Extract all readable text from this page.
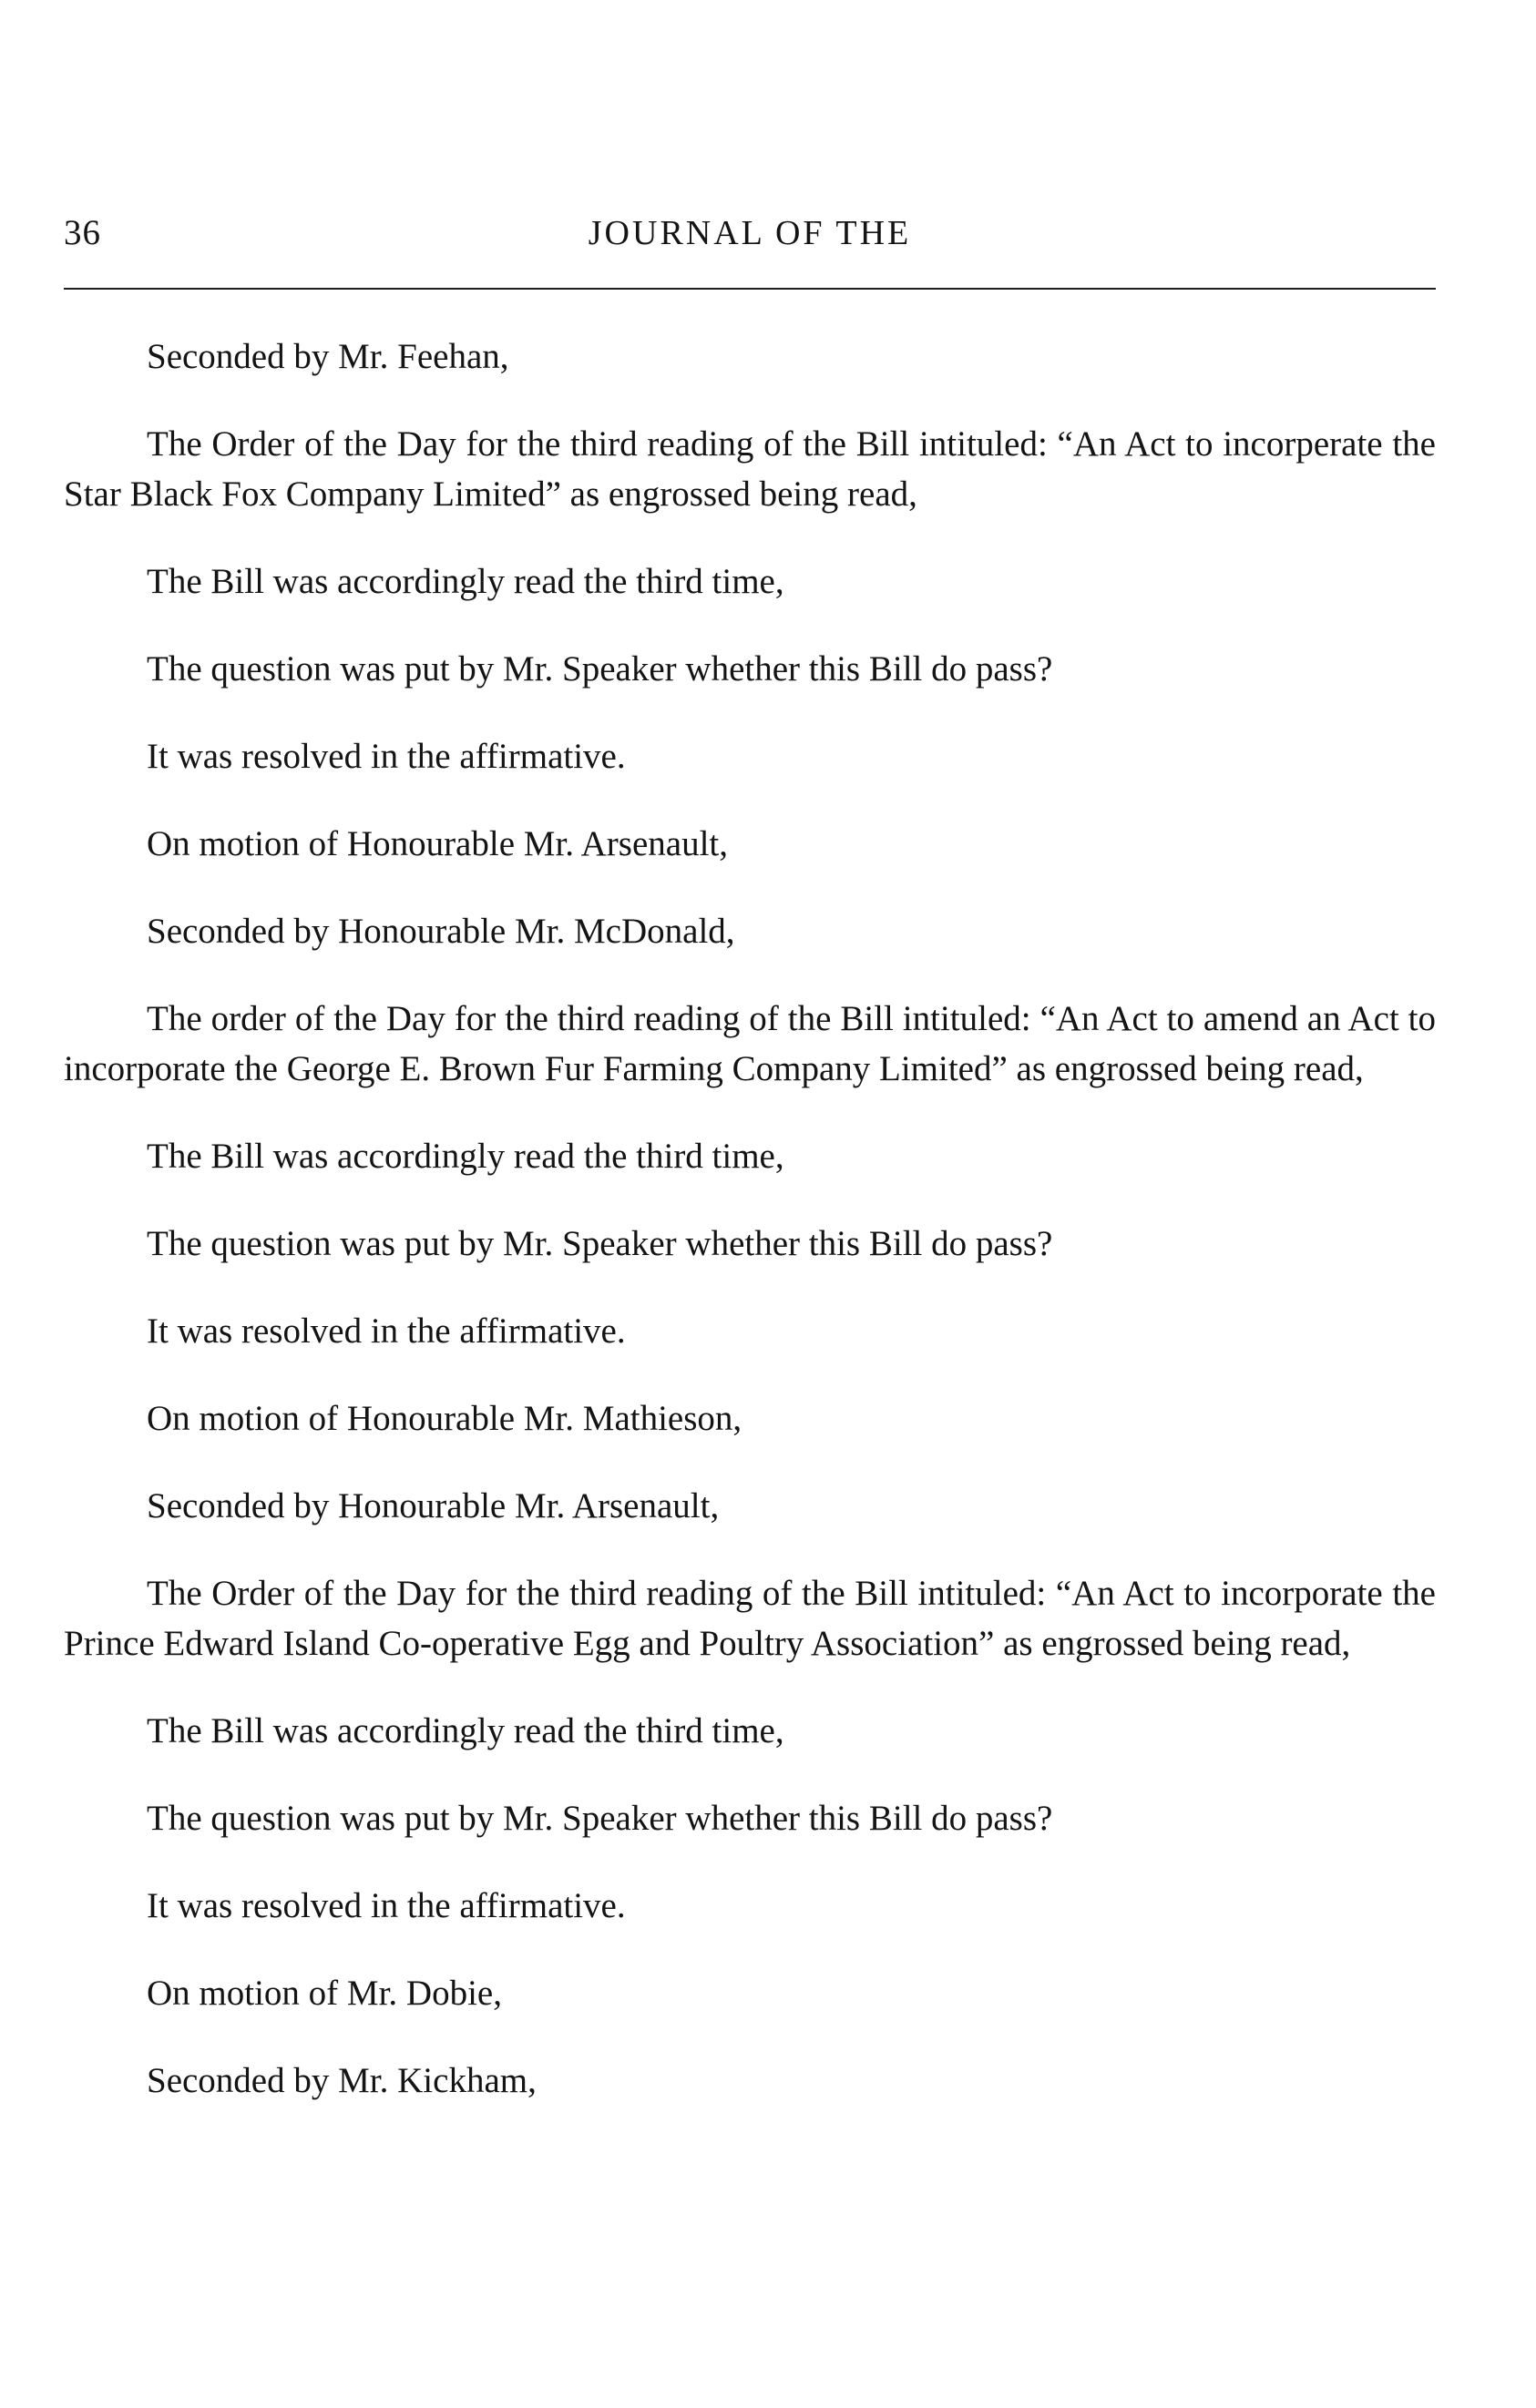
36	JOURNAL OF THE

Seconded by Mr. Feehan,

The Order of the Day for the third reading of the Bill intituled: “An Act to incorperate the Star Black Fox Company Limited” as engrossed being read,

The Bill was accordingly read the third time,

The question was put by Mr. Speaker whether this Bill do pass?

It was resolved in the affirmative.

On motion of Honourable Mr. Arsenault,

Seconded by Honourable Mr. McDonald,

The order of the Day for the third reading of the Bill intituled: “An Act to amend an Act to incorporate the George E. Brown Fur Farming Company Limited” as engrossed being read,

The Bill was accordingly read the third time,

The question was put by Mr. Speaker whether this Bill do pass?

It was resolved in the affirmative.

On motion of Honourable Mr. Mathieson,

Seconded by Honourable Mr. Arsenault,

The Order of the Day for the third reading of the Bill intituled: “An Act to incorporate the Prince Edward Island Co-operative Egg and Poultry Association” as engrossed being read,

The Bill was accordingly read the third time,

The question was put by Mr. Speaker whether this Bill do pass?

It was resolved in the affirmative.

On motion of Mr. Dobie,

Seconded by Mr. Kickham,
